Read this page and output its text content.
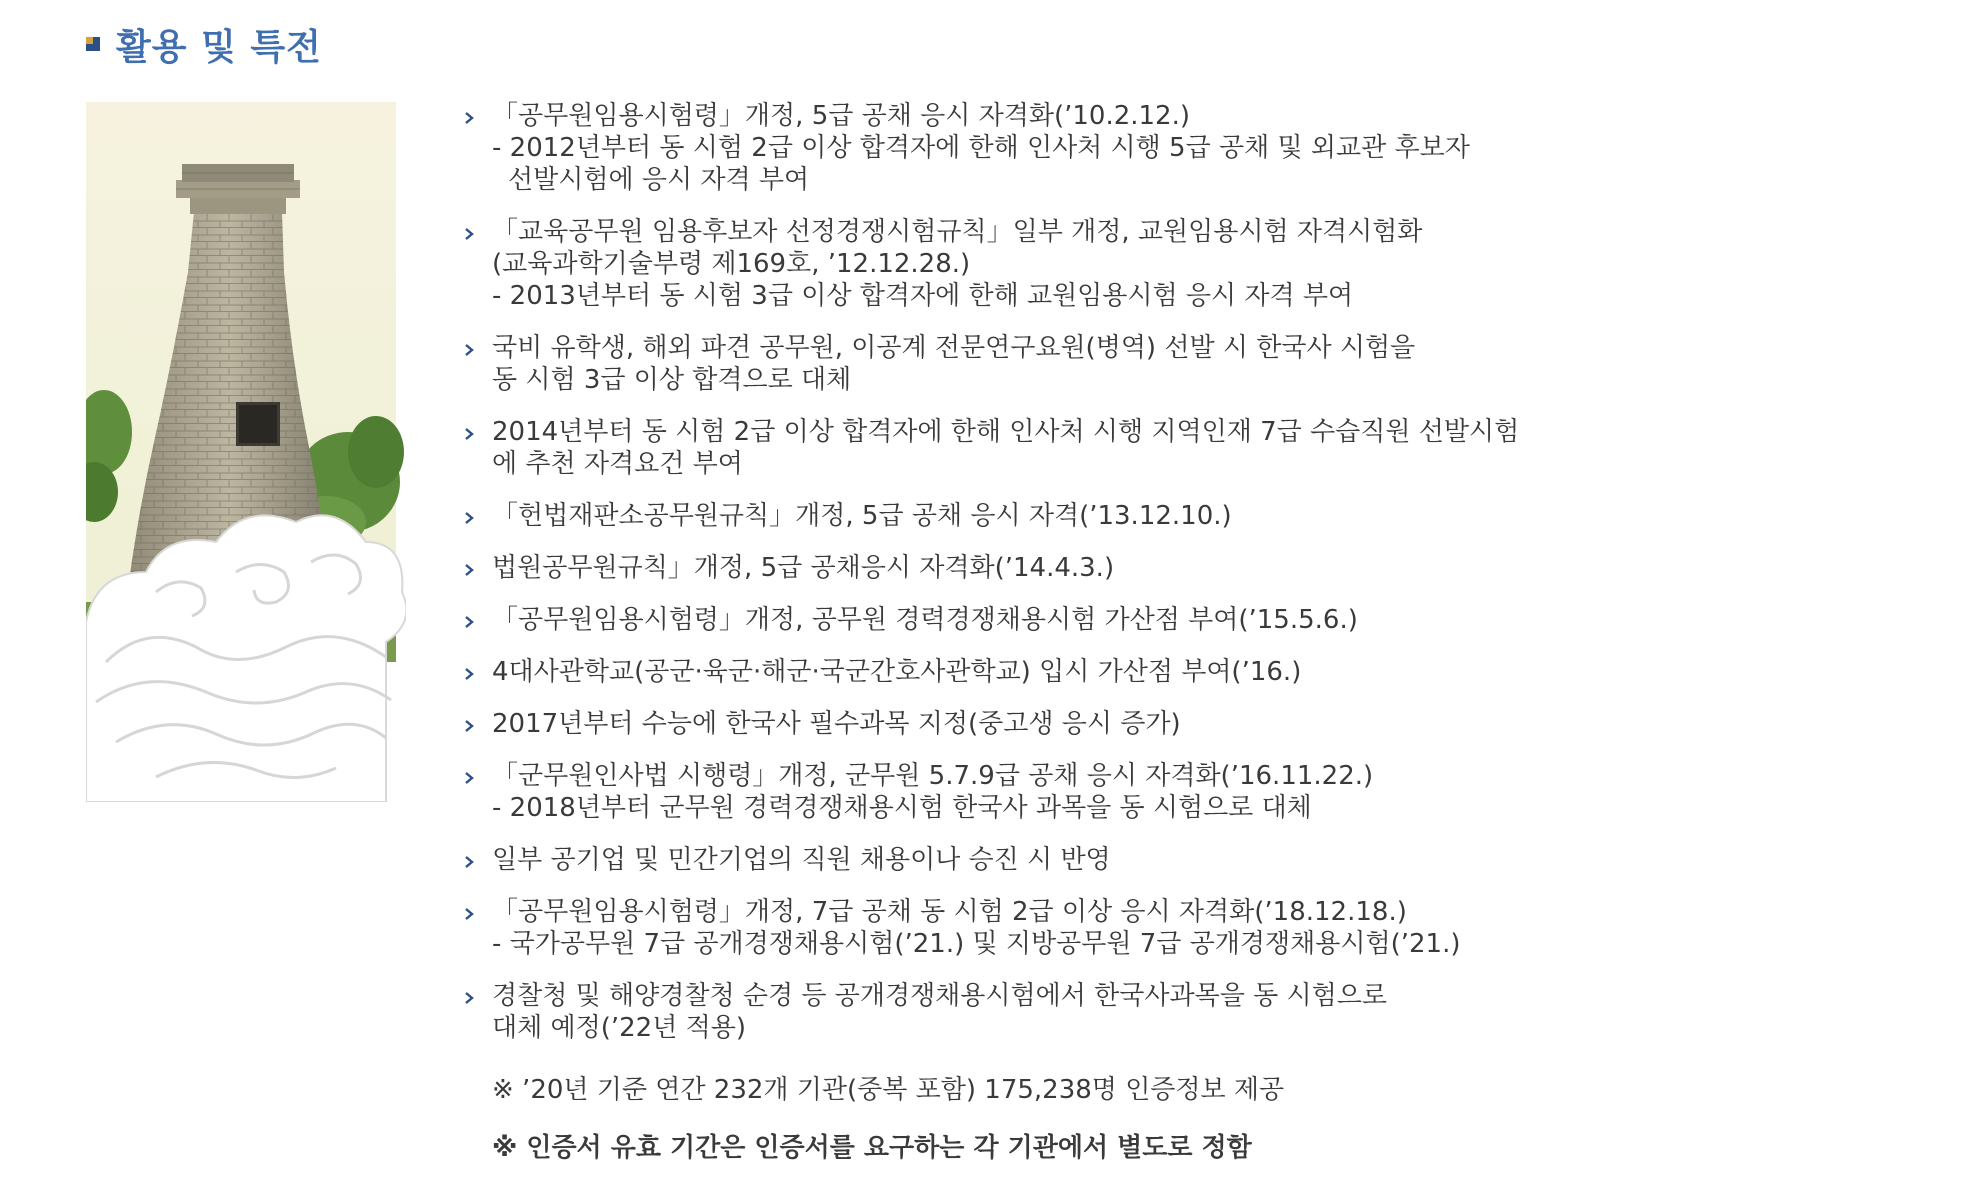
활용 및 특전
「공무원임용시험령」개정, 5급 공채 응시 자격화(’10.2.12.)
- 2012년부터 동 시험 2급 이상 합격자에 한해 인사처 시행 5급 공채 및 외교관 후보자
선발시험에 응시 자격 부여
「교육공무원 임용후보자 선정경쟁시험규칙」일부 개정, 교원임용시험 자격시험화
(교육과학기술부령 제169호, ’12.12.28.)
- 2013년부터 동 시험 3급 이상 합격자에 한해 교원임용시험 응시 자격 부여
국비 유학생, 해외 파견 공무원, 이공계 전문연구요원(병역) 선발 시 한국사 시험을
동 시험 3급 이상 합격으로 대체
2014년부터 동 시험 2급 이상 합격자에 한해 인사처 시행 지역인재 7급 수습직원 선발시험
에 추천 자격요건 부여
「헌법재판소공무원규칙」개정, 5급 공채 응시 자격(’13.12.10.)
법원공무원규칙」개정, 5급 공채응시 자격화(’14.4.3.)
「공무원임용시험령」개정, 공무원 경력경쟁채용시험 가산점 부여(’15.5.6.)
4대사관학교(공군·육군·해군·국군간호사관학교) 입시 가산점 부여(’16.)
2017년부터 수능에 한국사 필수과목 지정(중고생 응시 증가)
「군무원인사법 시행령」개정, 군무원 5.7.9급 공채 응시 자격화(’16.11.22.)
- 2018년부터 군무원 경력경쟁채용시험 한국사 과목을 동 시험으로 대체
일부 공기업 및 민간기업의 직원 채용이나 승진 시 반영
「공무원임용시험령」개정, 7급 공채 동 시험 2급 이상 응시 자격화(’18.12.18.)
- 국가공무원 7급 공개경쟁채용시험(’21.) 및 지방공무원 7급 공개경쟁채용시험(’21.)
경찰청 및 해양경찰청 순경 등 공개경쟁채용시험에서 한국사과목을 동 시험으로
대체 예정(’22년 적용)
※ ’20년 기준 연간 232개 기관(중복 포함) 175,238명 인증정보 제공
※ 인증서 유효 기간은 인증서를 요구하는 각 기관에서 별도로 정함
